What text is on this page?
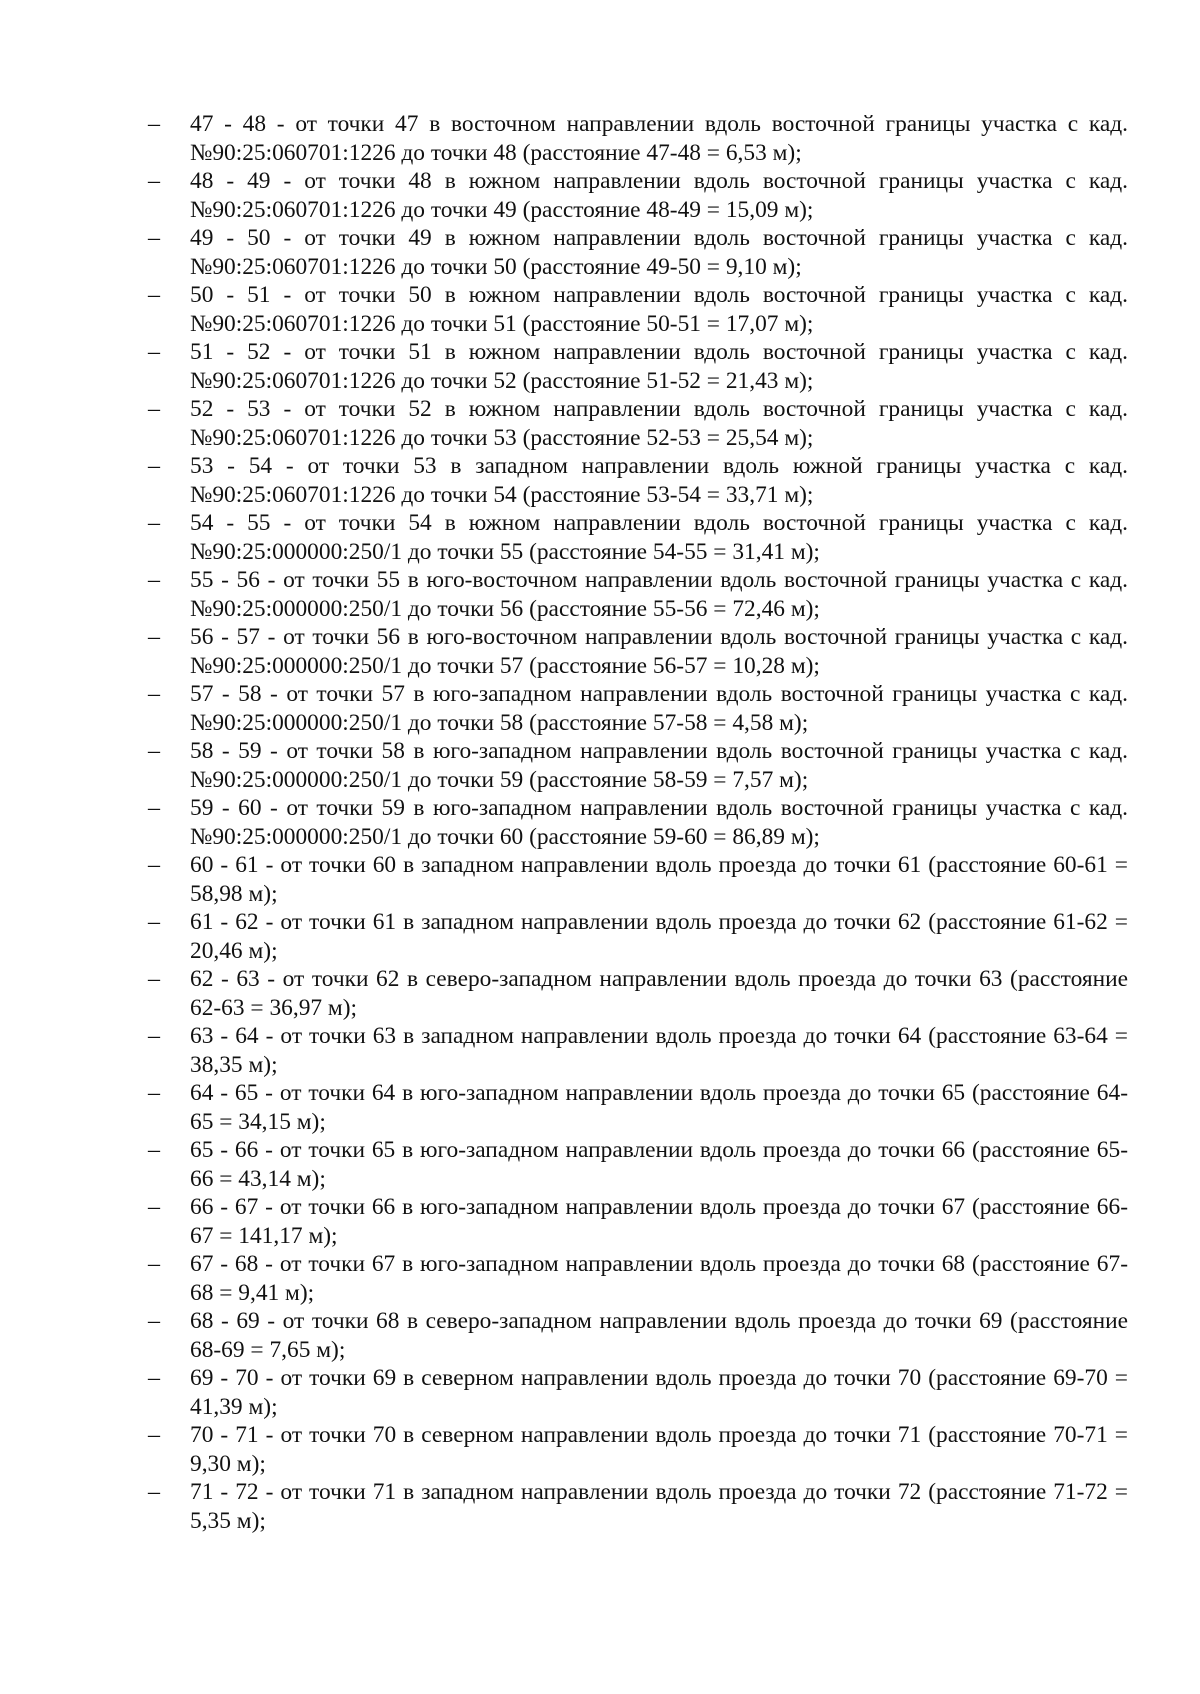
–	47 - 48 - от точки 47 в восточном направлении вдоль восточной границы участка с кад. №90:25:060701:1226 до точки 48 (расстояние 47-48 = 6,53 м);
–	48 - 49 - от точки 48 в южном направлении вдоль восточной границы участка с кад. №90:25:060701:1226 до точки 49 (расстояние 48-49 = 15,09 м);
–	49 - 50 - от точки 49 в южном направлении вдоль восточной границы участка с кад. №90:25:060701:1226 до точки 50 (расстояние 49-50 = 9,10 м);
–	50 - 51 - от точки 50 в южном направлении вдоль восточной границы участка с кад. №90:25:060701:1226 до точки 51 (расстояние 50-51 = 17,07 м);
–	51 - 52 - от точки 51 в южном направлении вдоль восточной границы участка с кад. №90:25:060701:1226 до точки 52 (расстояние 51-52 = 21,43 м);
–	52 - 53 - от точки 52 в южном направлении вдоль восточной границы участка с кад. №90:25:060701:1226 до точки 53 (расстояние 52-53 = 25,54 м);
–	53 - 54 - от точки 53 в западном направлении вдоль южной границы участка с кад. №90:25:060701:1226 до точки 54 (расстояние 53-54 = 33,71 м);
–	54 - 55 - от точки 54 в южном направлении вдоль восточной границы участка с кад. №90:25:000000:250/1 до точки 55 (расстояние 54-55 = 31,41 м);
–	55 - 56 - от точки 55 в юго-восточном направлении вдоль восточной границы участка с кад. №90:25:000000:250/1 до точки 56 (расстояние 55-56 = 72,46 м);
–	56 - 57 - от точки 56 в юго-восточном направлении вдоль восточной границы участка с кад. №90:25:000000:250/1 до точки 57 (расстояние 56-57 = 10,28 м);
–	57 - 58 - от точки 57 в юго-западном направлении вдоль восточной границы участка с кад. №90:25:000000:250/1 до точки 58 (расстояние 57-58 = 4,58 м);
–	58 - 59 - от точки 58 в юго-западном направлении вдоль восточной границы участка с кад. №90:25:000000:250/1 до точки 59 (расстояние 58-59 = 7,57 м);
–	59 - 60 - от точки 59 в юго-западном направлении вдоль восточной границы участка с кад. №90:25:000000:250/1 до точки 60 (расстояние 59-60 = 86,89 м);
–	60 - 61 - от точки 60 в западном направлении вдоль проезда до точки 61 (расстояние 60-61 = 58,98 м);
–	61 - 62 - от точки 61 в западном направлении вдоль проезда до точки 62 (расстояние 61-62 = 20,46 м);
–	62 - 63 - от точки 62 в северо-западном направлении вдоль проезда до точки 63 (расстояние 62-63 = 36,97 м);
–	63 - 64 - от точки 63 в западном направлении вдоль проезда до точки 64 (расстояние 63-64 = 38,35 м);
–	64 - 65 - от точки 64 в юго-западном направлении вдоль проезда до точки 65 (расстояние 64-65 = 34,15 м);
–	65 - 66 - от точки 65 в юго-западном направлении вдоль проезда до точки 66 (расстояние 65-66 = 43,14 м);
–	66 - 67 - от точки 66 в юго-западном направлении вдоль проезда до точки 67 (расстояние 66-67 = 141,17 м);
–	67 - 68 - от точки 67 в юго-западном направлении вдоль проезда до точки 68 (расстояние 67-68 = 9,41 м);
–	68 - 69 - от точки 68 в северо-западном направлении вдоль проезда до точки 69 (расстояние 68-69 = 7,65 м);
–	69 - 70 - от точки 69 в северном направлении вдоль проезда до точки 70 (расстояние 69-70 = 41,39 м);
–	70 - 71 - от точки 70 в северном направлении вдоль проезда до точки 71 (расстояние 70-71 = 9,30 м);
–	71 - 72 - от точки 71 в западном направлении вдоль проезда до точки 72 (расстояние 71-72 = 5,35 м);
